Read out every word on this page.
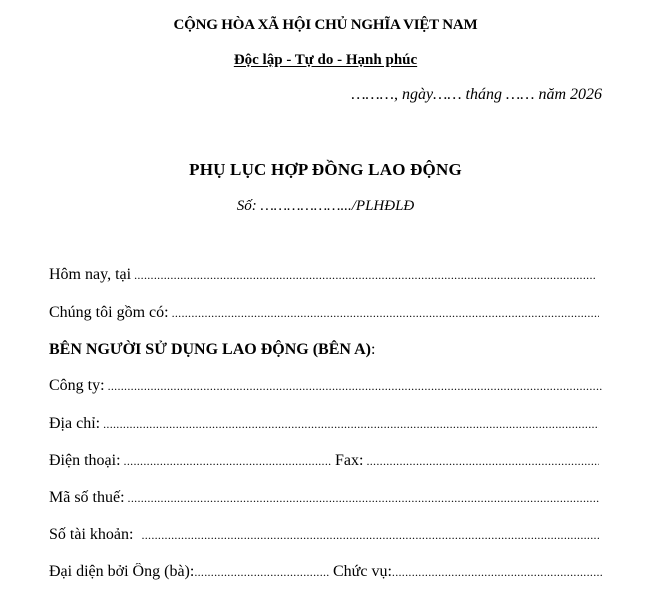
CỘNG HÒA XÃ HỘI CHỦ NGHĨA VIỆT NAM
Độc lập - Tự do - Hạnh phúc
………, ngày…… tháng …… năm 2026
PHỤ LỤC HỢP ĐỒNG LAO ĐỘNG
Số: ……………….../PLHĐLĐ
Hôm nay, tại
.....
Chúng tôi gồm có:
.....
BÊN NGƯỜI SỬ DỤNG LAO ĐỘNG (BÊN A):
Công ty:
.....
Địa chỉ:
.....
Điện thoại: .....	Fax:
.....
Mã số thuế:
.....
Số tài khoản:
.....
Đại diện bởi Ông (bà): .....	Chức vụ:
.....
